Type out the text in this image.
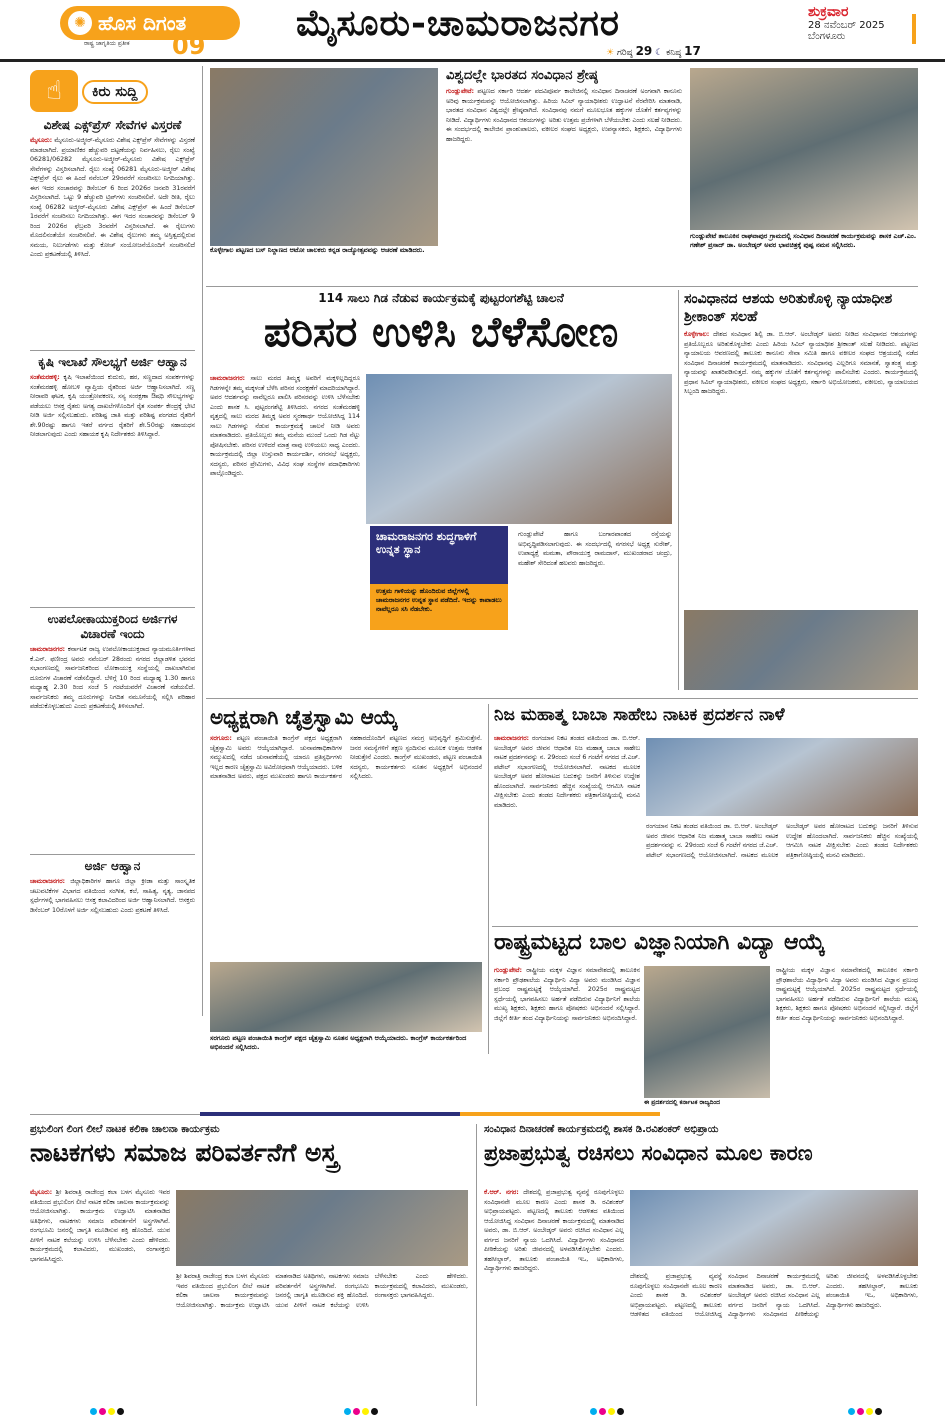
✺ ಹೊಸ ದಿಗಂತ
ರಾಷ್ಟ್ರ ಜಾಗೃತಿಯ ಪ್ರತೀಕ 09
ಮೈಸೂರು-ಚಾಮರಾಜನಗರ
☀ ಗರಿಷ್ಠ 29 ☾ ಕನಿಷ್ಠ 17
ಶುಕ್ರವಾರ
28 ನವೆಂಬರ್ 2025
ಬೆಂಗಳೂರು
☝	ಕಿರು ಸುದ್ದಿ
ವಿಶೇಷ ಎಕ್ಸ್‌ಪ್ರೆಸ್ ಸೇವೆಗಳ ವಿಸ್ತರಣೆ
ಮೈಸೂರು: ಮೈಸೂರು-ಅಜ್ಮೀರ್-ಮೈಸೂರು ವಿಶೇಷ ಎಕ್ಸ್‌ಪ್ರೆಸ್ ಸೇವೆಗಳನ್ನು ವಿಸ್ತರಣೆ ಮಾಡಲಾಗಿದೆ. ಪ್ರಯಾಣಿಕರ ಹೆಚ್ಚುವರಿ ದಟ್ಟಣೆಯನ್ನು ನಿರ್ವಹಿಸಲು, ರೈಲು ಸಂಖ್ಯೆ 06281/06282 ಮೈಸೂರು-ಅಜ್ಮೀರ್-ಮೈಸೂರು ವಿಶೇಷ ಎಕ್ಸ್‌ಪ್ರೆಸ್ ಸೇವೆಗಳನ್ನು ವಿಸ್ತರಿಸಲಾಗಿದೆ. ರೈಲು ಸಂಖ್ಯೆ 06281 ಮೈಸೂರು-ಅಜ್ಮೀರ್ ವಿಶೇಷ ಎಕ್ಸ್‌ಪ್ರೆಸ್ ರೈಲು ಈ ಹಿಂದೆ ನವೆಂಬರ್ 29ರವರೆಗೆ ಸಂಚರಿಸಲು ನಿಗದಿಯಾಗಿತ್ತು. ಈಗ ಇದರ ಸಂಚಾರವನ್ನು ಡಿಸೆಂಬರ್ 6 ರಿಂದ 2026ರ ಜನವರಿ 31ರವರೆಗೆ ವಿಸ್ತರಿಸಲಾಗಿದೆ. ಒಟ್ಟು 9 ಹೆಚ್ಚುವರಿ ಟ್ರಿಪ್‌ಗಳು ಸಂಚರಿಸಲಿವೆ. ಅದೇ ರೀತಿ, ರೈಲು ಸಂಖ್ಯೆ 06282 ಅಜ್ಮೀರ್-ಮೈಸೂರು ವಿಶೇಷ ಎಕ್ಸ್‌ಪ್ರೆಸ್ ಈ ಹಿಂದೆ ಡಿಸೆಂಬರ್ 1ರವರೆಗೆ ಸಂಚರಿಸಲು ನಿಗದಿಯಾಗಿತ್ತು. ಈಗ ಇದರ ಸಂಚಾರವನ್ನು ಡಿಸೆಂಬರ್ 9 ರಿಂದ 2026ರ ಫೆಬ್ರವರಿ 3ರವರೆಗೆ ವಿಸ್ತರಿಸಲಾಗಿದೆ. ಈ ರೈಲುಗಳು ಮೊದಲಿನಂತೆಯೇ ಸಂಚರಿಸಲಿವೆ. ಈ ವಿಶೇಷ ರೈಲುಗಳು ತಮ್ಮ ಅಸ್ತಿತ್ವದಲ್ಲಿರುವ ಸಮಯ, ನಿಲುಗಡೆಗಳು ಮತ್ತು ಕೋಚ್ ಸಂಯೋಜನೆಯೊಂದಿಗೆ ಸಂಚರಿಸಲಿದೆ ಎಂದು ಪ್ರಕಟಣೆಯಲ್ಲಿ ತಿಳಿಸಿದೆ.
ಕೃಷಿ ಇಲಾಖೆ ಸೌಲಭ್ಯಗೆ ಅರ್ಜಿ ಆಹ್ವಾನ
ಸಂತೆಮರಹಳ್ಳಿ: ಕೃಷಿ ಇಲಾಖೆಯಿಂದ ಕುದುರು, ಹರ, ಸಣ್ಣದಾದ ಸಂಪರ್ಕಗಳನ್ನು ಸಂತೆಮರಹಳ್ಳಿ ಹೋಬಳಿ ವ್ಯಾಪ್ತಿಯ ರೈತರಿಂದ ಅರ್ಜಿ ಆಹ್ವಾನಿಸಲಾಗಿದೆ. ಸಣ್ಣ ನೀರಾವರಿ ಘಟಕ, ಕೃಷಿ ಯಂತ್ರೋಪಕರಣ, ಸಸ್ಯ ಸಂರಕ್ಷಣಾ ಔಷಧಿ ಸೌಲಭ್ಯಗಳನ್ನು ಪಡೆಯಲು ಆಸಕ್ತ ರೈತರು ಅಗತ್ಯ ದಾಖಲೆಗಳೊಂದಿಗೆ ರೈತ ಸಂಪರ್ಕ ಕೇಂದ್ರಕ್ಕೆ ಭೇಟಿ ನೀಡಿ ಅರ್ಜಿ ಸಲ್ಲಿಸಬಹುದು. ಪರಿಶಿಷ್ಟ ಜಾತಿ ಮತ್ತು ಪರಿಶಿಷ್ಟ ಪಂಗಡದ ರೈತರಿಗೆ ಶೇ.90ರಷ್ಟು ಹಾಗೂ ಇತರೆ ವರ್ಗದ ರೈತರಿಗೆ ಶೇ.50ರಷ್ಟು ಸಹಾಯಧನ ನೀಡಲಾಗುವುದು ಎಂದು ಸಹಾಯಕ ಕೃಷಿ ನಿರ್ದೇಶಕರು ತಿಳಿಸಿದ್ದಾರೆ.
ಉಪಲೋಕಾಯುಕ್ತರಿಂದ ಅರ್ಜಿಗಳ ವಿಚಾರಣೆ ಇಂದು
ಚಾಮರಾಜನಗರ: ಕರ್ನಾಟಕ ರಾಜ್ಯ ಉಪಲೋಕಾಯುಕ್ತರಾದ ನ್ಯಾಯಮೂರ್ತಿಗಳಾದ ಕೆ.ಎನ್. ಫಣೀಂದ್ರ ಅವರು ನವೆಂಬರ್ 28ರಂದು ನಗರದ ಜಿಲ್ಲಾಡಳಿತ ಭವನದ ಸಭಾಂಗಣದಲ್ಲಿ ಸಾರ್ವಜನಿಕರಿಂದ ಲೋಕಾಯುಕ್ತ ಸಂಸ್ಥೆಯಲ್ಲಿ ದಾಖಲಾಗಿರುವ ದೂರುಗಳ ವಿಚಾರಣೆ ನಡೆಸಲಿದ್ದಾರೆ. ಬೆಳಿಗ್ಗೆ 10 ರಿಂದ ಮಧ್ಯಾಹ್ನ 1.30 ಹಾಗೂ ಮಧ್ಯಾಹ್ನ 2.30 ರಿಂದ ಸಂಜೆ 5 ಗಂಟೆಯವರೆಗೆ ವಿಚಾರಣೆ ನಡೆಯಲಿದೆ. ಸಾರ್ವಜನಿಕರು ತಮ್ಮ ದೂರುಗಳನ್ನು ನಿಗದಿತ ನಮೂನೆಯಲ್ಲಿ ಸಲ್ಲಿಸಿ ಪರಿಹಾರ ಪಡೆದುಕೊಳ್ಳಬಹುದು ಎಂದು ಪ್ರಕಟಣೆಯಲ್ಲಿ ತಿಳಿಸಲಾಗಿದೆ.
ಅರ್ಜಿ ಆಹ್ವಾನ
ಚಾಮರಾಜನಗರ: ಜಿಲ್ಲಾಧಿಕಾರಿಗಳ ಹಾಗೂ ಜಿಲ್ಲಾ ಕ್ರೀಡಾ ಮತ್ತು ಸಾಂಸ್ಕೃತಿಕ ಚಟುವಟಿಕೆಗಳ ವಿಭಾಗದ ವತಿಯಿಂದ ಸಂಗೀತ, ಕಲೆ, ಸಾಹಿತ್ಯ, ನೃತ್ಯ, ಜಾನಪದ ಸ್ಪರ್ಧೆಗಳಲ್ಲಿ ಭಾಗವಹಿಸಲು ಆಸಕ್ತ ಕಲಾವಿದರಿಂದ ಅರ್ಜಿ ಆಹ್ವಾನಿಸಲಾಗಿದೆ. ಆಸಕ್ತರು ಡಿಸೆಂಬರ್ 10ರೊಳಗೆ ಅರ್ಜಿ ಸಲ್ಲಿಸಬಹುದು ಎಂದು ಪ್ರಕಟಣೆ ತಿಳಿಸಿದೆ.
ಕೊಳ್ಳೇಗಾಲ ಪಟ್ಟಣದ ಬಸ್ ನಿಲ್ದಾಣದ ಆಟೋ ಚಾಲಕರು ಕನ್ನಡ ರಾಜ್ಯೋತ್ಸವವನ್ನು ಆಚರಣೆ ಮಾಡಿದರು.
ವಿಶ್ವದಲ್ಲೇ ಭಾರತದ ಸಂವಿಧಾನ ಶ್ರೇಷ್ಠ
ಗುಂಡ್ಲುಪೇಟೆ: ಪಟ್ಟಣದ ಸರ್ಕಾರಿ ಆದರ್ಶ ಪದವಿಪೂರ್ವ ಕಾಲೇಜಿನಲ್ಲಿ ಸಂವಿಧಾನ ದಿನಾಚರಣೆ ಅಂಗವಾಗಿ ಕಾನೂನು ಅರಿವು ಕಾರ್ಯಕ್ರಮವನ್ನು ಆಯೋಜಿಸಲಾಗಿತ್ತು. ಹಿರಿಯ ಸಿವಿಲ್ ನ್ಯಾಯಾಧೀಶರು ಉದ್ಘಾಟನೆ ನೆರವೇರಿಸಿ ಮಾತನಾಡಿ, ಭಾರತದ ಸಂವಿಧಾನ ವಿಶ್ವದಲ್ಲೇ ಶ್ರೇಷ್ಠವಾಗಿದೆ. ಸಂವಿಧಾನವು ನಮಗೆ ಮೂಲಭೂತ ಹಕ್ಕುಗಳ ಜೊತೆಗೆ ಕರ್ತವ್ಯಗಳನ್ನು ನೀಡಿದೆ. ವಿದ್ಯಾರ್ಥಿಗಳು ಸಂವಿಧಾನದ ಆಶಯಗಳನ್ನು ಅರಿತು ಉತ್ತಮ ಪ್ರಜೆಗಳಾಗಿ ಬೆಳೆಯಬೇಕು ಎಂದು ಸಲಹೆ ನೀಡಿದರು. ಈ ಸಂದರ್ಭದಲ್ಲಿ ಕಾಲೇಜಿನ ಪ್ರಾಂಶುಪಾಲರು, ವಕೀಲರ ಸಂಘದ ಅಧ್ಯಕ್ಷರು, ಉಪನ್ಯಾಸಕರು, ಶಿಕ್ಷಕರು, ವಿದ್ಯಾರ್ಥಿಗಳು ಹಾಜರಿದ್ದರು.
ಗುಂಡ್ಲುಪೇಟೆ ತಾಲೂಕಿನ ರಾಘವಾಪುರ ಗ್ರಾಮದಲ್ಲಿ ಸಂವಿಧಾನ ದಿನಾಚರಣೆ ಕಾರ್ಯಕ್ರಮವನ್ನು ಶಾಸಕ ಎಚ್.ಎಂ. ಗಣೇಶ್ ಪ್ರಸಾದ್ ಡಾ. ಅಂಬೇಡ್ಕರ್ ಅವರ ಭಾವಚಿತ್ರಕ್ಕೆ ಪುಷ್ಪ ನಮನ ಸಲ್ಲಿಸಿದರು.
114 ಸಾಲು ಗಿಡ ನೆಡುವ ಕಾರ್ಯಕ್ರಮಕ್ಕೆ ಪುಟ್ಟರಂಗಶೆಟ್ಟಿ ಚಾಲನೆ
ಪರಿಸರ ಉಳಿಸಿ ಬೆಳೆಸೋಣ
ಚಾಮರಾಜನಗರ: ಸಾಲು ಮರದ ತಿಮ್ಮಕ್ಕ ಅವರಿಗೆ ಮಕ್ಕಳಿಲ್ಲದಿದ್ದರೂ ಗಿಡಗಳನ್ನೇ ತಮ್ಮ ಮಕ್ಕಳಂತೆ ಬೆಳೆಸಿ ಪರಿಸರ ಸಂರಕ್ಷಣೆಗೆ ಮಾದರಿಯಾಗಿದ್ದಾರೆ. ಅವರ ಆದರ್ಶವನ್ನು ನಾವೆಲ್ಲರೂ ಪಾಲಿಸಿ ಪರಿಸರವನ್ನು ಉಳಿಸಿ ಬೆಳೆಸಬೇಕು ಎಂದು ಶಾಸಕ ಸಿ. ಪುಟ್ಟರಂಗಶೆಟ್ಟಿ ತಿಳಿಸಿದರು. ನಗರದ ಸಂತೆಮರಹಳ್ಳಿ ವೃತ್ತದಲ್ಲಿ ಸಾಲು ಮರದ ತಿಮ್ಮಕ್ಕ ಅವರ ಸ್ಮರಣಾರ್ಥ ಆಯೋಜಿಸಿದ್ದ 114 ಸಾಲು ಗಿಡಗಳನ್ನು ನೆಡುವ ಕಾರ್ಯಕ್ರಮಕ್ಕೆ ಚಾಲನೆ ನೀಡಿ ಅವರು ಮಾತನಾಡಿದರು. ಪ್ರತಿಯೊಬ್ಬರು ತಮ್ಮ ಮನೆಯ ಮುಂದೆ ಒಂದು ಗಿಡ ನೆಟ್ಟು ಪೋಷಿಸಬೇಕು. ಪರಿಸರ ಉಳಿದರೆ ಮಾತ್ರ ನಾವು ಉಳಿಯಲು ಸಾಧ್ಯ ಎಂದರು. ಕಾರ್ಯಕ್ರಮದಲ್ಲಿ ಜಿಲ್ಲಾ ಉಸ್ತುವಾರಿ ಕಾರ್ಯದರ್ಶಿ, ನಗರಸಭೆ ಅಧ್ಯಕ್ಷರು, ಸದಸ್ಯರು, ಪರಿಸರ ಪ್ರೇಮಿಗಳು, ವಿವಿಧ ಸಂಘ ಸಂಸ್ಥೆಗಳ ಪದಾಧಿಕಾರಿಗಳು ಪಾಲ್ಗೊಂಡಿದ್ದರು.
ಚಾಮರಾಜನಗರ ಶುದ್ಧಗಾಳಿಗೆ ಉನ್ನತ ಸ್ಥಾನ
ಉತ್ತಮ ಗಾಳಿಯನ್ನು ಹೊಂದಿರುವ ಜಿಲ್ಲೆಗಳಲ್ಲಿ ಚಾಮರಾಜನಗರ ಉನ್ನತ ಸ್ಥಾನ ಪಡೆದಿದೆ. ಇದನ್ನು ಕಾಪಾಡಲು ನಾವೆಲ್ಲರೂ ಸಸಿ ನೆಡಬೇಕು.
ಗುಂಡ್ಲುಪೇಟೆ ಹಾಗೂ ಬಂಗಾರಪಾಂತದ ರಸ್ತೆಯನ್ನು ಅಭಿವೃದ್ಧಿಪಡಿಸಲಾಗುವುದು. ಈ ಸಂದರ್ಭದಲ್ಲಿ ನಗರಸಭೆ ಅಧ್ಯಕ್ಷ ಸುರೇಶ್, ಉಪಾಧ್ಯಕ್ಷೆ ಮಮತಾ, ಪೌರಾಯುಕ್ತ ರಾಮದಾಸ್, ಮುಖಂಡರಾದ ಚಂದ್ರು, ಮಹೇಶ್ ಸೇರಿದಂತೆ ಹಲವರು ಹಾಜರಿದ್ದರು.
ಸಂವಿಧಾನದ ಆಶಯ ಅರಿತುಕೊಳ್ಳಿ ನ್ಯಾಯಾಧೀಶ ಶ್ರೀಕಾಂತ್ ಸಲಹೆ
ಕೊಳ್ಳೇಗಾಲ: ದೇಶದ ಸಂವಿಧಾನ ಶಿಲ್ಪಿ ಡಾ. ಬಿ.ಆರ್. ಅಂಬೇಡ್ಕರ್ ಅವರು ನೀಡಿದ ಸಂವಿಧಾನದ ಆಶಯಗಳನ್ನು ಪ್ರತಿಯೊಬ್ಬರೂ ಅರಿತುಕೊಳ್ಳಬೇಕು ಎಂದು ಹಿರಿಯ ಸಿವಿಲ್ ನ್ಯಾಯಾಧೀಶ ಶ್ರೀಕಾಂತ್ ಸಲಹೆ ನೀಡಿದರು. ಪಟ್ಟಣದ ನ್ಯಾಯಾಲಯ ಆವರಣದಲ್ಲಿ ತಾಲೂಕು ಕಾನೂನು ಸೇವಾ ಸಮಿತಿ ಹಾಗೂ ವಕೀಲರ ಸಂಘದ ಆಶ್ರಯದಲ್ಲಿ ನಡೆದ ಸಂವಿಧಾನ ದಿನಾಚರಣೆ ಕಾರ್ಯಕ್ರಮದಲ್ಲಿ ಮಾತನಾಡಿದರು. ಸಂವಿಧಾನವು ಎಲ್ಲರಿಗೂ ಸಮಾನತೆ, ಸ್ವಾತಂತ್ರ್ಯ ಮತ್ತು ನ್ಯಾಯವನ್ನು ಖಾತರಿಪಡಿಸುತ್ತದೆ. ನಮ್ಮ ಹಕ್ಕುಗಳ ಜೊತೆಗೆ ಕರ್ತವ್ಯಗಳನ್ನು ಪಾಲಿಸಬೇಕು ಎಂದರು. ಕಾರ್ಯಕ್ರಮದಲ್ಲಿ ಪ್ರಧಾನ ಸಿವಿಲ್ ನ್ಯಾಯಾಧೀಶರು, ವಕೀಲರ ಸಂಘದ ಅಧ್ಯಕ್ಷರು, ಸರ್ಕಾರಿ ಅಭಿಯೋಜಕರು, ವಕೀಲರು, ನ್ಯಾಯಾಲಯದ ಸಿಬ್ಬಂದಿ ಹಾಜರಿದ್ದರು.
ಅಧ್ಯಕ್ಷರಾಗಿ ಚೈತ್ರಸ್ವಾಮಿ ಆಯ್ಕೆ
ಸರಗೂರು: ಪಟ್ಟಣ ಪಂಚಾಯಿತಿ ಕಾಂಗ್ರೆಸ್ ಪಕ್ಷದ ಅಧ್ಯಕ್ಷರಾಗಿ ಚೈತ್ರಸ್ವಾಮಿ ಅವರು ಆಯ್ಕೆಯಾಗಿದ್ದಾರೆ. ಚುನಾವಣಾಧಿಕಾರಿಗಳ ಸಮ್ಮುಖದಲ್ಲಿ ನಡೆದ ಚುನಾವಣೆಯಲ್ಲಿ ಯಾರೂ ಪ್ರತಿಸ್ಪರ್ಧಿಗಳು ಇಲ್ಲದ ಕಾರಣ ಚೈತ್ರಸ್ವಾಮಿ ಅವಿರೋಧವಾಗಿ ಆಯ್ಕೆಯಾದರು. ಬಳಿಕ ಮಾತನಾಡಿದ ಅವರು, ಪಕ್ಷದ ಮುಖಂಡರು ಹಾಗೂ ಕಾರ್ಯಕರ್ತರ ಸಹಕಾರದೊಂದಿಗೆ ಪಟ್ಟಣದ ಸಮಗ್ರ ಅಭಿವೃದ್ಧಿಗೆ ಶ್ರಮಿಸುತ್ತೇನೆ. ಜನರ ಸಮಸ್ಯೆಗಳಿಗೆ ತಕ್ಷಣ ಸ್ಪಂದಿಸುವ ಮೂಲಕ ಉತ್ತಮ ಆಡಳಿತ ನೀಡುತ್ತೇನೆ ಎಂದರು. ಕಾಂಗ್ರೆಸ್ ಮುಖಂಡರು, ಪಟ್ಟಣ ಪಂಚಾಯಿತಿ ಸದಸ್ಯರು, ಕಾರ್ಯಕರ್ತರು ನೂತನ ಅಧ್ಯಕ್ಷರಿಗೆ ಅಭಿನಂದನೆ ಸಲ್ಲಿಸಿದರು.
ಸರಗೂರು ಪಟ್ಟಣ ಪಂಚಾಯಿತಿ ಕಾಂಗ್ರೆಸ್ ಪಕ್ಷದ ಚೈತ್ರಸ್ವಾಮಿ ನೂತನ ಅಧ್ಯಕ್ಷರಾಗಿ ಆಯ್ಕೆಯಾದರು. ಕಾಂಗ್ರೆಸ್ ಕಾರ್ಯಕರ್ತರಿಂದ ಅಭಿನಂದನೆ ಸಲ್ಲಿಸಿದರು.
ನಿಜ ಮಹಾತ್ಮ ಬಾಬಾ ಸಾಹೇಬ ನಾಟಕ ಪ್ರದರ್ಶನ ನಾಳೆ
ಚಾಮರಾಜನಗರ: ರಂಗಯಾನ ನಿಕಟ ತಂಡದ ವತಿಯಿಂದ ಡಾ. ಬಿ.ಆರ್. ಅಂಬೇಡ್ಕರ್ ಅವರ ಜೀವನ ಆಧಾರಿತ ನಿಜ ಮಹಾತ್ಮ ಬಾಬಾ ಸಾಹೇಬ ನಾಟಕ ಪ್ರದರ್ಶನವನ್ನು ನ. 29ರಂದು ಸಂಜೆ 6 ಗಂಟೆಗೆ ನಗರದ ಜೆ.ಎಚ್. ಪಟೇಲ್ ಸಭಾಂಗಣದಲ್ಲಿ ಆಯೋಜಿಸಲಾಗಿದೆ. ನಾಟಕದ ಮೂಲಕ ಅಂಬೇಡ್ಕರ್ ಅವರ ಹೋರಾಟದ ಬದುಕನ್ನು ಜನರಿಗೆ ತಿಳಿಸುವ ಉದ್ದೇಶ ಹೊಂದಲಾಗಿದೆ. ಸಾರ್ವಜನಿಕರು ಹೆಚ್ಚಿನ ಸಂಖ್ಯೆಯಲ್ಲಿ ಆಗಮಿಸಿ ನಾಟಕ ವೀಕ್ಷಿಸಬೇಕು ಎಂದು ತಂಡದ ನಿರ್ದೇಶಕರು ಪತ್ರಿಕಾಗೋಷ್ಠಿಯಲ್ಲಿ ಮನವಿ ಮಾಡಿದರು.
ರಂಗಯಾನ ನಿಕಟ ತಂಡದ ವತಿಯಿಂದ ಡಾ. ಬಿ.ಆರ್. ಅಂಬೇಡ್ಕರ್ ಅವರ ಜೀವನ ಆಧಾರಿತ ನಿಜ ಮಹಾತ್ಮ ಬಾಬಾ ಸಾಹೇಬ ನಾಟಕ ಪ್ರದರ್ಶನವನ್ನು ನ. 29ರಂದು ಸಂಜೆ 6 ಗಂಟೆಗೆ ನಗರದ ಜೆ.ಎಚ್. ಪಟೇಲ್ ಸಭಾಂಗಣದಲ್ಲಿ ಆಯೋಜಿಸಲಾಗಿದೆ. ನಾಟಕದ ಮೂಲಕ ಅಂಬೇಡ್ಕರ್ ಅವರ ಹೋರಾಟದ ಬದುಕನ್ನು ಜನರಿಗೆ ತಿಳಿಸುವ ಉದ್ದೇಶ ಹೊಂದಲಾಗಿದೆ. ಸಾರ್ವಜನಿಕರು ಹೆಚ್ಚಿನ ಸಂಖ್ಯೆಯಲ್ಲಿ ಆಗಮಿಸಿ ನಾಟಕ ವೀಕ್ಷಿಸಬೇಕು ಎಂದು ತಂಡದ ನಿರ್ದೇಶಕರು ಪತ್ರಿಕಾಗೋಷ್ಠಿಯಲ್ಲಿ ಮನವಿ ಮಾಡಿದರು.
ರಾಷ್ಟ್ರಮಟ್ಟದ ಬಾಲ ವಿಜ್ಞಾನಿಯಾಗಿ ವಿದ್ಯಾ ಆಯ್ಕೆ
ಗುಂಡ್ಲುಪೇಟೆ: ರಾಷ್ಟ್ರೀಯ ಮಕ್ಕಳ ವಿಜ್ಞಾನ ಸಮಾವೇಶದಲ್ಲಿ ತಾಲೂಕಿನ ಸರ್ಕಾರಿ ಪ್ರೌಢಶಾಲೆಯ ವಿದ್ಯಾರ್ಥಿನಿ ವಿದ್ಯಾ ಅವರು ಮಂಡಿಸಿದ ವಿಜ್ಞಾನ ಪ್ರಬಂಧ ರಾಷ್ಟ್ರಮಟ್ಟಕ್ಕೆ ಆಯ್ಕೆಯಾಗಿದೆ. 2025ರ ರಾಷ್ಟ್ರಮಟ್ಟದ ಸ್ಪರ್ಧೆಯಲ್ಲಿ ಭಾಗವಹಿಸಲು ಅರ್ಹತೆ ಪಡೆದಿರುವ ವಿದ್ಯಾರ್ಥಿನಿಗೆ ಶಾಲೆಯ ಮುಖ್ಯ ಶಿಕ್ಷಕರು, ಶಿಕ್ಷಕರು ಹಾಗೂ ಪೋಷಕರು ಅಭಿನಂದನೆ ಸಲ್ಲಿಸಿದ್ದಾರೆ. ಜಿಲ್ಲೆಗೆ ಕೀರ್ತಿ ತಂದ ವಿದ್ಯಾರ್ಥಿನಿಯನ್ನು ಸಾರ್ವಜನಿಕರು ಅಭಿನಂದಿಸಿದ್ದಾರೆ.
ಈ ಪ್ರದರ್ಶನದಲ್ಲಿ ಕರ್ನಾಟಕ ರಾಜ್ಯದಿಂದ
ರಾಷ್ಟ್ರೀಯ ಮಕ್ಕಳ ವಿಜ್ಞಾನ ಸಮಾವೇಶದಲ್ಲಿ ತಾಲೂಕಿನ ಸರ್ಕಾರಿ ಪ್ರೌಢಶಾಲೆಯ ವಿದ್ಯಾರ್ಥಿನಿ ವಿದ್ಯಾ ಅವರು ಮಂಡಿಸಿದ ವಿಜ್ಞಾನ ಪ್ರಬಂಧ ರಾಷ್ಟ್ರಮಟ್ಟಕ್ಕೆ ಆಯ್ಕೆಯಾಗಿದೆ. 2025ರ ರಾಷ್ಟ್ರಮಟ್ಟದ ಸ್ಪರ್ಧೆಯಲ್ಲಿ ಭಾಗವಹಿಸಲು ಅರ್ಹತೆ ಪಡೆದಿರುವ ವಿದ್ಯಾರ್ಥಿನಿಗೆ ಶಾಲೆಯ ಮುಖ್ಯ ಶಿಕ್ಷಕರು, ಶಿಕ್ಷಕರು ಹಾಗೂ ಪೋಷಕರು ಅಭಿನಂದನೆ ಸಲ್ಲಿಸಿದ್ದಾರೆ. ಜಿಲ್ಲೆಗೆ ಕೀರ್ತಿ ತಂದ ವಿದ್ಯಾರ್ಥಿನಿಯನ್ನು ಸಾರ್ವಜನಿಕರು ಅಭಿನಂದಿಸಿದ್ದಾರೆ.
ಪ್ರಭುಲಿಂಗ ಲಿಂಗ ಲೀಲೆ ನಾಟಕ ಕಲಿಕಾ ಚಾಲನಾ ಕಾರ್ಯಕ್ರಮ
ನಾಟಕಗಳು ಸಮಾಜ ಪರಿವರ್ತನೆಗೆ ಅಸ್ತ್ರ
ಮೈಸೂರು: ಶ್ರೀ ಶಿವರಾತ್ರಿ ರಾಜೇಂದ್ರ ಕಲಾ ಬಳಗ ಮೈಸೂರು ಇವರ ವತಿಯಿಂದ ಪ್ರಭುಲಿಂಗ ಲೀಲೆ ನಾಟಕ ಕಲಿಕಾ ಚಾಲನಾ ಕಾರ್ಯಕ್ರಮವನ್ನು ಆಯೋಜಿಸಲಾಗಿತ್ತು. ಕಾರ್ಯಕ್ರಮ ಉದ್ಘಾಟಿಸಿ ಮಾತನಾಡಿದ ಅತಿಥಿಗಳು, ನಾಟಕಗಳು ಸಮಾಜ ಪರಿವರ್ತನೆಗೆ ಅಸ್ತ್ರಗಳಾಗಿವೆ. ರಂಗಭೂಮಿ ಜನರಲ್ಲಿ ಜಾಗೃತಿ ಮೂಡಿಸುವ ಶಕ್ತಿ ಹೊಂದಿದೆ. ಯುವ ಪೀಳಿಗೆ ನಾಟಕ ಕಲೆಯನ್ನು ಉಳಿಸಿ ಬೆಳೆಸಬೇಕು ಎಂದು ಹೇಳಿದರು. ಕಾರ್ಯಕ್ರಮದಲ್ಲಿ ಕಲಾವಿದರು, ಮುಖಂಡರು, ರಂಗಾಸಕ್ತರು ಭಾಗವಹಿಸಿದ್ದರು.
ಶ್ರೀ ಶಿವರಾತ್ರಿ ರಾಜೇಂದ್ರ ಕಲಾ ಬಳಗ ಮೈಸೂರು ಇವರ ವತಿಯಿಂದ ಪ್ರಭುಲಿಂಗ ಲೀಲೆ ನಾಟಕ ಕಲಿಕಾ ಚಾಲನಾ ಕಾರ್ಯಕ್ರಮವನ್ನು ಆಯೋಜಿಸಲಾಗಿತ್ತು. ಕಾರ್ಯಕ್ರಮ ಉದ್ಘಾಟಿಸಿ ಮಾತನಾಡಿದ ಅತಿಥಿಗಳು, ನಾಟಕಗಳು ಸಮಾಜ ಪರಿವರ್ತನೆಗೆ ಅಸ್ತ್ರಗಳಾಗಿವೆ. ರಂಗಭೂಮಿ ಜನರಲ್ಲಿ ಜಾಗೃತಿ ಮೂಡಿಸುವ ಶಕ್ತಿ ಹೊಂದಿದೆ. ಯುವ ಪೀಳಿಗೆ ನಾಟಕ ಕಲೆಯನ್ನು ಉಳಿಸಿ ಬೆಳೆಸಬೇಕು ಎಂದು ಹೇಳಿದರು. ಕಾರ್ಯಕ್ರಮದಲ್ಲಿ ಕಲಾವಿದರು, ಮುಖಂಡರು, ರಂಗಾಸಕ್ತರು ಭಾಗವಹಿಸಿದ್ದರು.
ಸಂವಿಧಾನ ದಿನಾಚರಣೆ ಕಾರ್ಯಕ್ರಮದಲ್ಲಿ ಶಾಸಕ ಡಿ.ರವಿಶಂಕರ್ ಅಭಿಪ್ರಾಯ
ಪ್ರಜಾಪ್ರಭುತ್ವ ರಚಿಸಲು ಸಂವಿಧಾನ ಮೂಲ ಕಾರಣ
ಕೆ.ಆರ್. ನಗರ: ದೇಶದಲ್ಲಿ ಪ್ರಜಾಪ್ರಭುತ್ವ ವ್ಯವಸ್ಥೆ ರೂಪುಗೊಳ್ಳಲು ಸಂವಿಧಾನವೇ ಮೂಲ ಕಾರಣ ಎಂದು ಶಾಸಕ ಡಿ. ರವಿಶಂಕರ್ ಅಭಿಪ್ರಾಯಪಟ್ಟರು. ಪಟ್ಟಣದಲ್ಲಿ ತಾಲೂಕು ಆಡಳಿತದ ವತಿಯಿಂದ ಆಯೋಜಿಸಿದ್ದ ಸಂವಿಧಾನ ದಿನಾಚರಣೆ ಕಾರ್ಯಕ್ರಮದಲ್ಲಿ ಮಾತನಾಡಿದ ಅವರು, ಡಾ. ಬಿ.ಆರ್. ಅಂಬೇಡ್ಕರ್ ಅವರು ರಚಿಸಿದ ಸಂವಿಧಾನ ಎಲ್ಲ ವರ್ಗದ ಜನರಿಗೆ ನ್ಯಾಯ ಒದಗಿಸಿದೆ. ವಿದ್ಯಾರ್ಥಿಗಳು ಸಂವಿಧಾನದ ಪೀಠಿಕೆಯನ್ನು ಅರಿತು ಜೀವನದಲ್ಲಿ ಅಳವಡಿಸಿಕೊಳ್ಳಬೇಕು ಎಂದರು. ತಹಸೀಲ್ದಾರ್, ತಾಲೂಕು ಪಂಚಾಯಿತಿ ಇಒ, ಅಧಿಕಾರಿಗಳು, ವಿದ್ಯಾರ್ಥಿಗಳು ಹಾಜರಿದ್ದರು.
ದೇಶದಲ್ಲಿ ಪ್ರಜಾಪ್ರಭುತ್ವ ವ್ಯವಸ್ಥೆ ರೂಪುಗೊಳ್ಳಲು ಸಂವಿಧಾನವೇ ಮೂಲ ಕಾರಣ ಎಂದು ಶಾಸಕ ಡಿ. ರವಿಶಂಕರ್ ಅಭಿಪ್ರಾಯಪಟ್ಟರು. ಪಟ್ಟಣದಲ್ಲಿ ತಾಲೂಕು ಆಡಳಿತದ ವತಿಯಿಂದ ಆಯೋಜಿಸಿದ್ದ ಸಂವಿಧಾನ ದಿನಾಚರಣೆ ಕಾರ್ಯಕ್ರಮದಲ್ಲಿ ಮಾತನಾಡಿದ ಅವರು, ಡಾ. ಬಿ.ಆರ್. ಅಂಬೇಡ್ಕರ್ ಅವರು ರಚಿಸಿದ ಸಂವಿಧಾನ ಎಲ್ಲ ವರ್ಗದ ಜನರಿಗೆ ನ್ಯಾಯ ಒದಗಿಸಿದೆ. ವಿದ್ಯಾರ್ಥಿಗಳು ಸಂವಿಧಾನದ ಪೀಠಿಕೆಯನ್ನು ಅರಿತು ಜೀವನದಲ್ಲಿ ಅಳವಡಿಸಿಕೊಳ್ಳಬೇಕು ಎಂದರು. ತಹಸೀಲ್ದಾರ್, ತಾಲೂಕು ಪಂಚಾಯಿತಿ ಇಒ, ಅಧಿಕಾರಿಗಳು, ವಿದ್ಯಾರ್ಥಿಗಳು ಹಾಜರಿದ್ದರು.
